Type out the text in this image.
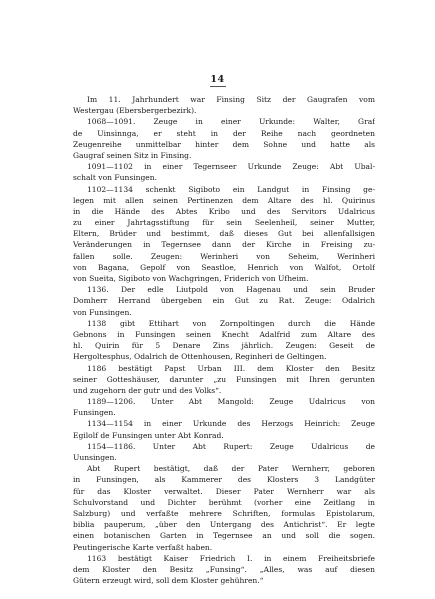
14
Im 11. Jahrhundert war Finsing Sitz der Gaugrafen vom
Westergau (Ebersbergerbezirk).
1068—1091. Zeuge in einer Urkunde: Walter, Graf
de Uinsinnga, er steht in der Reihe nach geordneten
Zeugenreihe unmittelbar hinter dem Sohne und hatte als
Gaugraf seinen Sitz in Finsing.
1091—1102 in einer Tegernseer Urkunde Zeuge: Abt Ubal-
schalt von Funsingen.
1102—1134 schenkt Sigiboto ein Landgut in Finsing ge-
legen mit allen seinen Pertinenzen dem Altare des hl. Quirinus
in die Hände des Abtes Kribo und des Servitors Udalricus
zu einer Jahrtagsstiftung für sein Seelenheil, seiner Mutter,
Eltern, Brüder und bestimmt, daß dieses Gut bei allenfallsigen
Veränderungen in Tegernsee dann der Kirche in Freising zu-
fallen solle. Zeugen: Werinheri von Seheim, Werinheri
von Bagana, Gepolf von Seastloe, Henrich von Walfot, Ortolf
von Sueita, Sigiboto von Wachgringen, Friderich von Ufheim.
1136. Der edle Liutpold von Hagenau und sein Bruder
Domherr Herrand übergeben ein Gut zu Rat. Zeuge: Odalrich
von Funsingen.
1138 gibt Ettihart von Zornpoltingen durch die Hände
Gebnons in Funsingen seinen Knecht Adalfrid zum Altare des
hl. Quirin für 5 Denare Zins jährlich. Zeugen: Geseit de
Hergoltesphus, Odalrich de Ottenhousen, Reginheri de Geltingen.
1186 bestätigt Papst Urban III. dem Kloster den Besitz
seiner Gotteshäuser, darunter „zu Funsingen mit Ihren gerunten
und zugehorn der gutr und des Volks“.
1189—1206. Unter Abt Mangold: Zeuge Udalricus von
Funsingen.
1134—1154 in einer Urkunde des Herzogs Heinrich: Zeuge
Egilolf de Funsingen unter Abt Konrad.
1154—1186. Unter Abt Rupert: Zeuge Udalricus de
Uunsingen.
Abt Rupert bestätigt, daß der Pater Wernherr, geboren
in Funsingen, als Kammerer des Klosters 3 Landgüter
für das Kloster verwaltet. Dieser Pater Wernherr war als
Schulvorstand und Dichter berühmt (vorher eine Zeitlang in
Salzburg) und verfaßte mehrere Schriften, formulas Epistolarum,
biblia pauperum, „über den Untergang des Antichrist“. Er legte
einen botanischen Garten in Tegernsee an und soll die sogen.
Peutingerische Karte verfaßt haben.
1163 bestätigt Kaiser Friedrich I. in einem Freiheitsbriefe
dem Kloster den Besitz „Funsing“. „Alles, was auf diesen
Gütern erzeugt wird, soll dem Kloster gehühren.“
